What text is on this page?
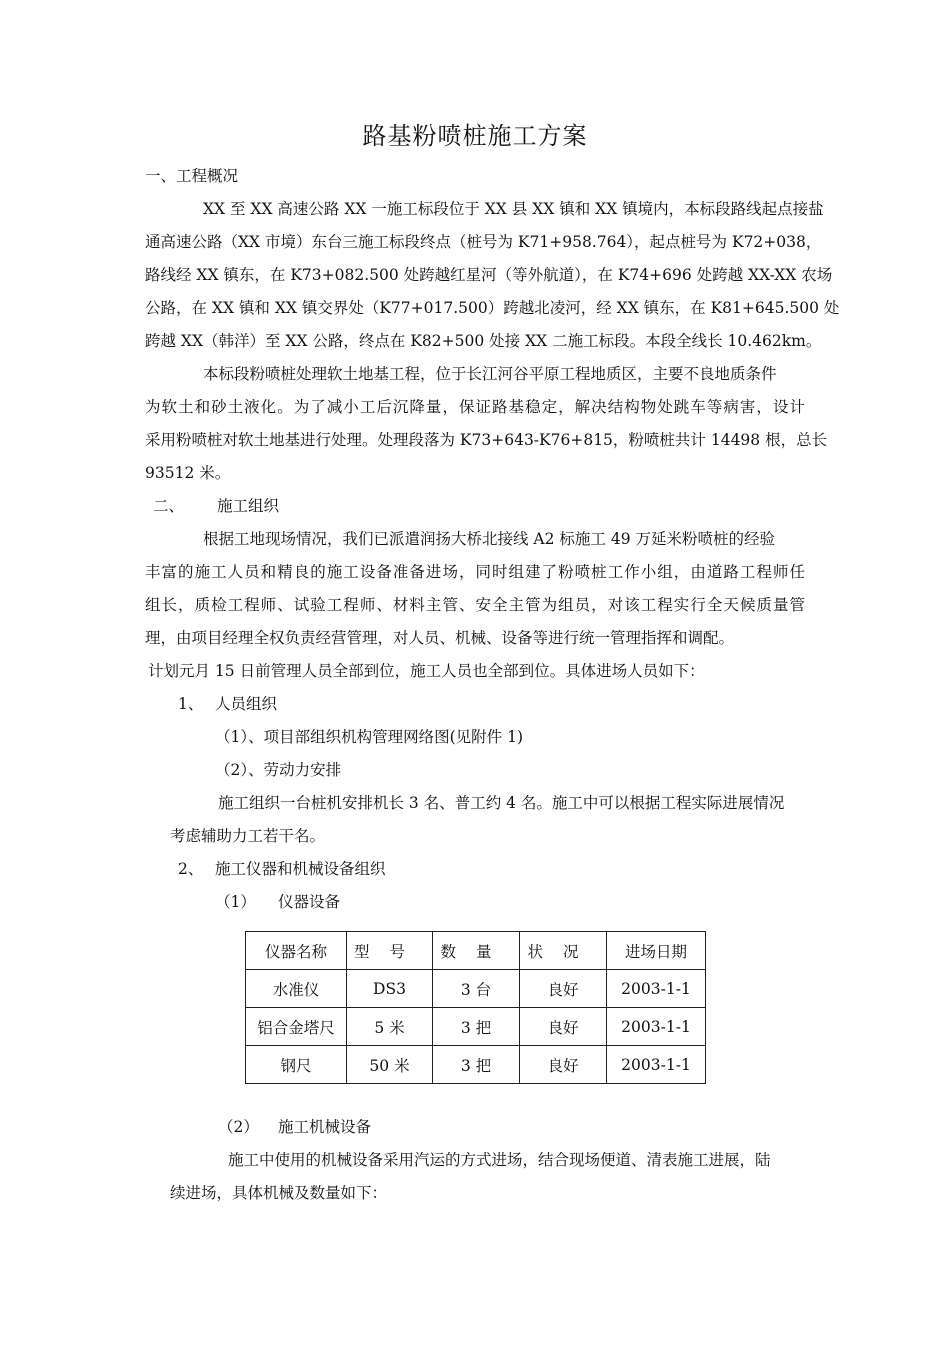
路基粉喷桩施工方案
一、工程概况
XX 至 XX 高速公路 XX 一施工标段位于 XX 县 XX 镇和 XX 镇境内，本标段路线起点接盐
通高速公路（XX 市境）东台三施工标段终点（桩号为 K71+958.764），起点桩号为 K72+038，
路线经 XX 镇东，在 K73+082.500 处跨越红星河（等外航道），在 K74+696 处跨越 XX-XX 农场
公路，在 XX 镇和 XX 镇交界处（K77+017.500）跨越北凌河，经 XX 镇东，在 K81+645.500 处
跨越 XX（韩洋）至 XX 公路，终点在 K82+500 处接 XX 二施工标段。本段全线长 10.462km。
本标段粉喷桩处理软土地基工程，位于长江河谷平原工程地质区，主要不良地质条件
为软土和砂土液化。为了减小工后沉降量，保证路基稳定，解决结构物处跳车等病害，设计
采用粉喷桩对软土地基进行处理。处理段落为 K73+643-K76+815，粉喷桩共计 14498 根，总长
93512 米。
二、 施工组织
根据工地现场情况，我们已派遣润扬大桥北接线 A2 标施工 49 万延米粉喷桩的经验
丰富的施工人员和精良的施工设备准备进场，同时组建了粉喷桩工作小组，由道路工程师任
组长，质检工程师、试验工程师、材料主管、安全主管为组员，对该工程实行全天候质量管
理，由项目经理全权负责经营管理，对人员、机械、设备等进行统一管理指挥和调配。
计划元月 15 日前管理人员全部到位，施工人员也全部到位。具体进场人员如下：
1、 人员组织
（1）、项目部组织机构管理网络图(见附件 1)
（2）、劳动力安排
施工组织一台桩机安排机长 3 名、普工约 4 名。施工中可以根据工程实际进展情况
考虑辅助力工若干名。
2、 施工仪器和机械设备组织
（1） 仪器设备
仪器名称	型号	数量	状况	进场日期
水准仪	DS3	3 台	良好	2003-1-1
铝合金塔尺	5 米	3 把	良好	2003-1-1
钢尺	50 米	3 把	良好	2003-1-1
（2） 施工机械设备
施工中使用的机械设备采用汽运的方式进场，结合现场便道、清表施工进展，陆
续进场，具体机械及数量如下：
